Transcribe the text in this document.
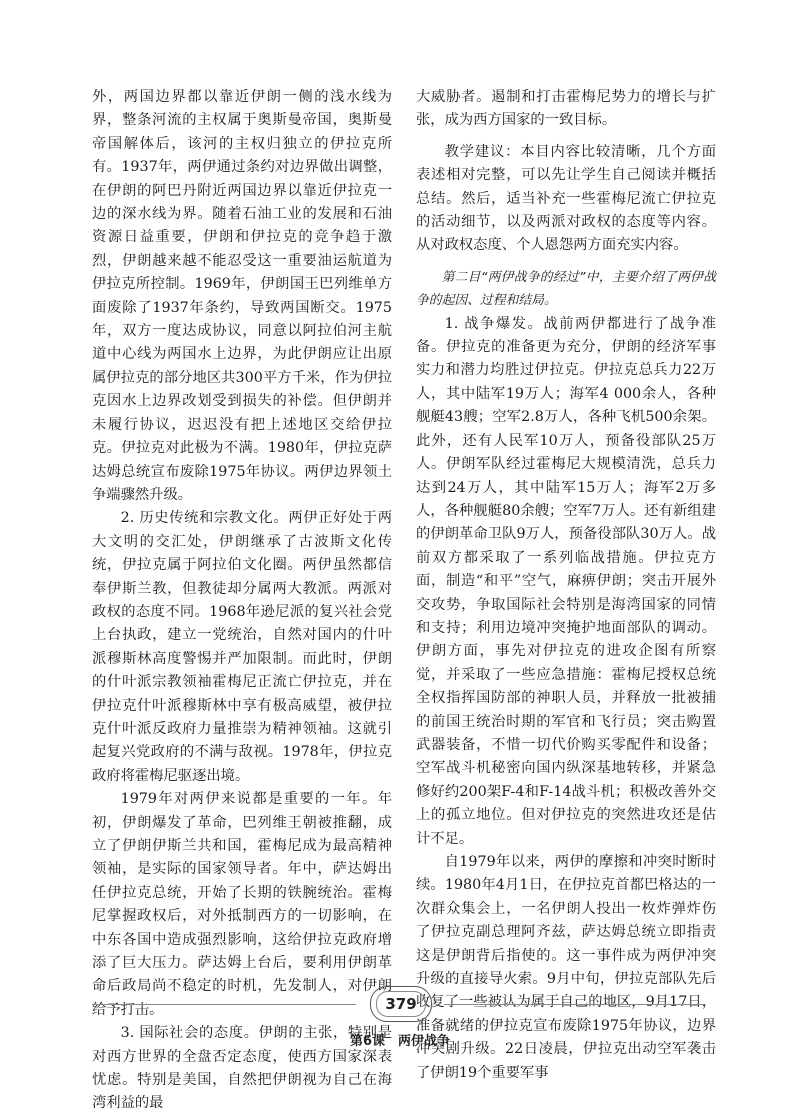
外，两国边界都以靠近伊朗一侧的浅水线为界，整条河流的主权属于奥斯曼帝国，奥斯曼帝国解体后，该河的主权归独立的伊拉克所有。1937年，两伊通过条约对边界做出调整，在伊朗的阿巴丹附近两国边界以靠近伊拉克一边的深水线为界。随着石油工业的发展和石油资源日益重要，伊朗和伊拉克的竞争趋于激烈，伊朗越来越不能忍受这一重要油运航道为伊拉克所控制。1969年，伊朗国王巴列维单方面废除了1937年条约，导致两国断交。1975年，双方一度达成协议，同意以阿拉伯河主航道中心线为两国水上边界，为此伊朗应让出原属伊拉克的部分地区共300平方千米，作为伊拉克因水上边界改划受到损失的补偿。但伊朗并未履行协议，迟迟没有把上述地区交给伊拉克。伊拉克对此极为不满。1980年，伊拉克萨达姆总统宣布废除1975年协议。两伊边界领土争端骤然升级。

2. 历史传统和宗教文化。两伊正好处于两大文明的交汇处，伊朗继承了古波斯文化传统，伊拉克属于阿拉伯文化圈。两伊虽然都信奉伊斯兰教，但教徒却分属两大教派。两派对政权的态度不同。1968年逊尼派的复兴社会党上台执政，建立一党统治，自然对国内的什叶派穆斯林高度警惕并严加限制。而此时，伊朗的什叶派宗教领袖霍梅尼正流亡伊拉克，并在伊拉克什叶派穆斯林中享有极高威望，被伊拉克什叶派反政府力量推崇为精神领袖。这就引起复兴党政府的不满与敌视。1978年，伊拉克政府将霍梅尼驱逐出境。

1979年对两伊来说都是重要的一年。年初，伊朗爆发了革命，巴列维王朝被推翻，成立了伊朗伊斯兰共和国，霍梅尼成为最高精神领袖，是实际的国家领导者。年中，萨达姆出任伊拉克总统，开始了长期的铁腕统治。霍梅尼掌握政权后，对外抵制西方的一切影响，在中东各国中造成强烈影响，这给伊拉克政府增添了巨大压力。萨达姆上台后，要利用伊朗革命后政局尚不稳定的时机，先发制人，对伊朗给予打击。

3. 国际社会的态度。伊朗的主张，特别是对西方世界的全盘否定态度，使西方国家深表忧虑。特别是美国，自然把伊朗视为自己在海湾利益的最

大威胁者。遏制和打击霍梅尼势力的增长与扩张，成为西方国家的一致目标。

教学建议：本目内容比较清晰，几个方面表述相对完整，可以先让学生自己阅读并概括总结。然后，适当补充一些霍梅尼流亡伊拉克的活动细节，以及两派对政权的态度等内容。从对政权态度、个人恩怨两方面充实内容。

第二目“两伊战争的经过”中，主要介绍了两伊战争的起因、过程和结局。

1. 战争爆发。战前两伊都进行了战争准备。伊拉克的准备更为充分，伊朗的经济军事实力和潜力均胜过伊拉克。伊拉克总兵力22万人，其中陆军19万人；海军4 000余人，各种舰艇43艘；空军2.8万人，各种飞机500余架。此外，还有人民军10万人，预备役部队25万人。伊朗军队经过霍梅尼大规模清洗，总兵力达到24万人，其中陆军15万人；海军2万多人，各种舰艇80余艘；空军7万人。还有新组建的伊朗革命卫队9万人，预备役部队30万人。战前双方都采取了一系列临战措施。伊拉克方面，制造“和平”空气，麻痹伊朗；突击开展外交攻势，争取国际社会特别是海湾国家的同情和支持；利用边境冲突掩护地面部队的调动。伊朗方面，事先对伊拉克的进攻企图有所察觉，并采取了一些应急措施：霍梅尼授权总统全权指挥国防部的神职人员，并释放一批被捕的前国王统治时期的军官和飞行员；突击购置武器装备，不惜一切代价购买零配件和设备；空军战斗机秘密向国内纵深基地转移，并紧急修好约200架F-4和F-14战斗机；积极改善外交上的孤立地位。但对伊拉克的突然进攻还是估计不足。

自1979年以来，两伊的摩擦和冲突时断时续。1980年4月1日，在伊拉克首都巴格达的一次群众集会上，一名伊朗人投出一枚炸弹炸伤了伊拉克副总理阿齐兹，萨达姆总统立即指责这是伊朗背后指使的。这一事件成为两伊冲突升级的直接导火索。9月中旬，伊拉克部队先后收复了一些被认为属于自己的地区，9月17日，准备就绪的伊拉克宣布废除1975年协议，边界冲突剧升级。22日凌晨，伊拉克出动空军袭击了伊朗19个重要军事

379
第6课　两伊战争
